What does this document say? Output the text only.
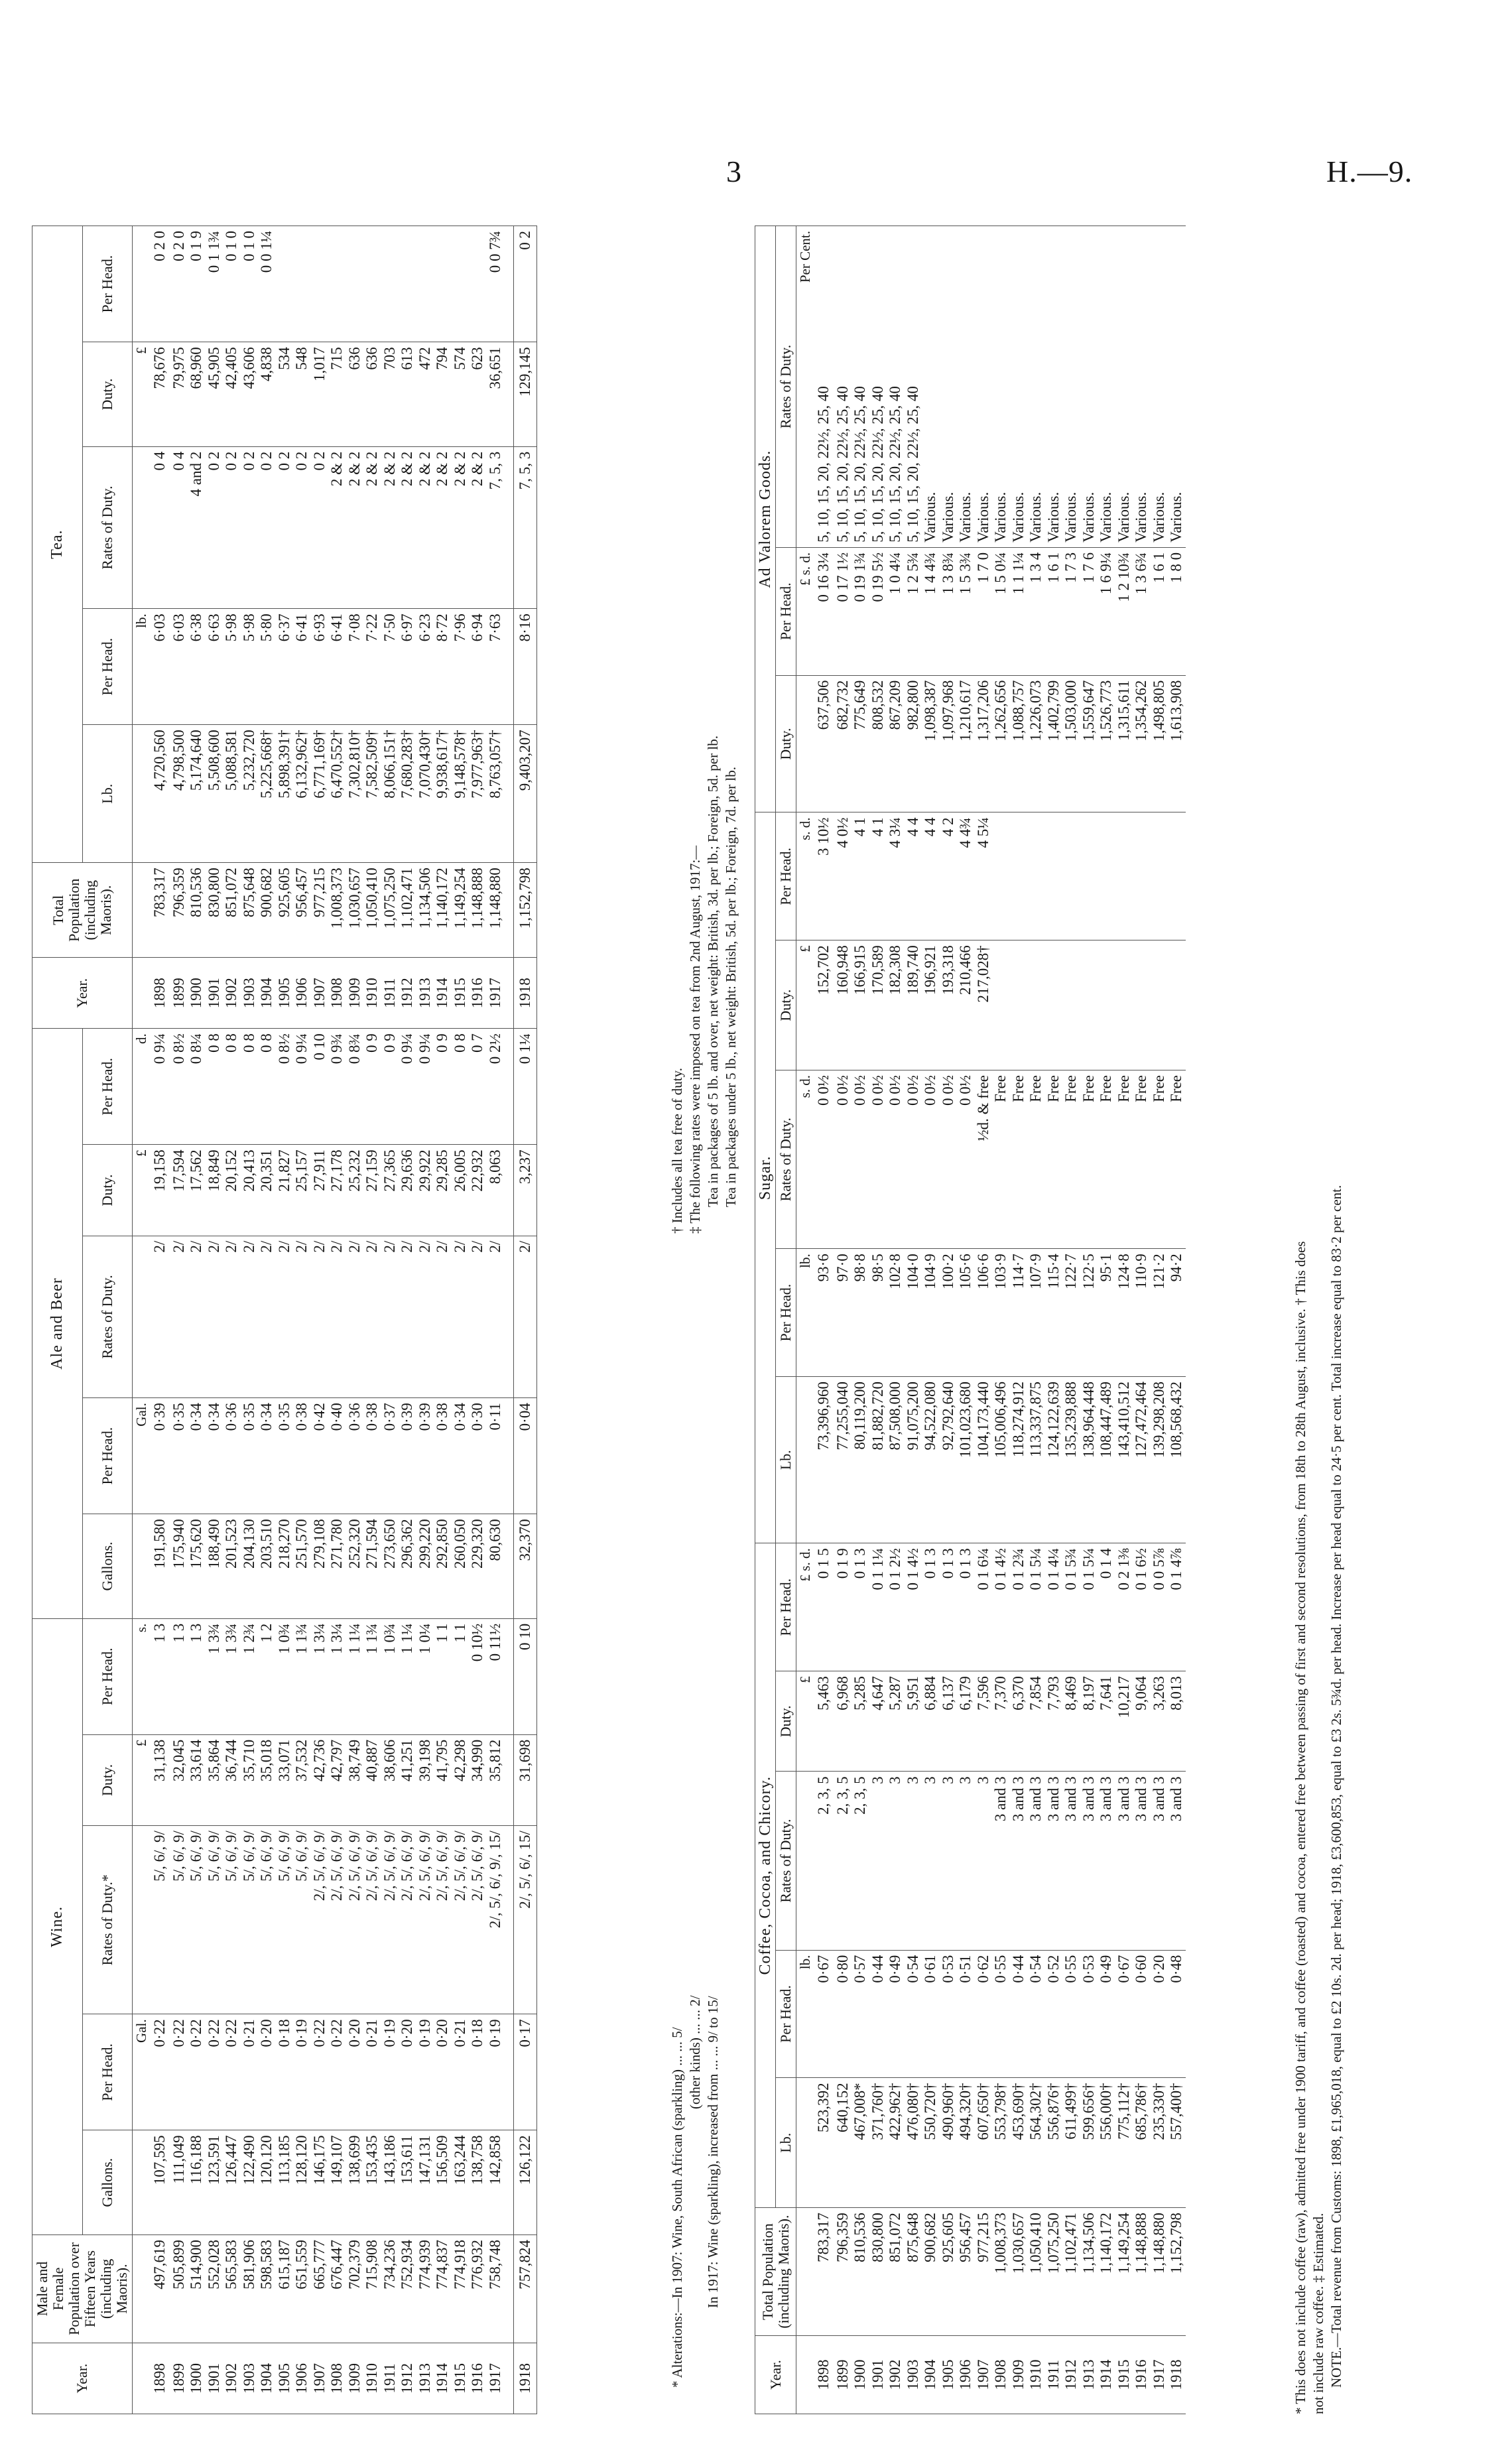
3	H.—9.
Year.	Male and Female Population over Fifteen Years (including Maoris).	Wine.					Ale and Beer					Year.	Total Population (including Maoris).	Tea.				
		Gallons.	Per Head.	Rates of Duty.*	Duty.	Per Head.	Gallons.	Per Head.	Rates of Duty.	Duty.	Per Head.			Lb.	Per Head.	Rates of Duty.	Duty.	Per Head.
			Gal.		£	s.		Gal.		£	d.				lb.		£	
1898	497,619	107,595	0·22	5/, 6/, 9/	31,138	1 3	191,580	0·39	2/	19,158	0 9¼	1898	783,317	4,720,560	6·03	0 4	78,676	0 2 0
1899	505,899	111,049	0·22	5/, 6/, 9/	32,045	1 3	175,940	0·35	2/	17,594	0 8½	1899	796,359	4,798,500	6·03	0 4	79,975	0 2 0
1900	514,900	116,188	0·22	5/, 6/, 9/	33,614	1 3	175,620	0·34	2/	17,562	0 8¼	1900	810,536	5,174,640	6·38	4 and 2	68,960	0 1 9
1901	552,028	123,591	0·22	5/, 6/, 9/	35,864	1 3¾	188,490	0·34	2/	18,849	0 8	1901	830,800	5,508,600	6·63	0 2	45,905	0 1 1¾
1902	565,583	126,447	0·22	5/, 6/, 9/	36,744	1 3¾	201,523	0·36	2/	20,152	0 8	1902	851,072	5,088,581	5·98	0 2	42,405	0 1 0
1903	581,906	122,490	0·21	5/, 6/, 9/	35,710	1 2¾	204,130	0·35	2/	20,413	0 8	1903	875,648	5,232,720	5·98	0 2	43,606	0 1 0
1904	598,583	120,120	0·20	5/, 6/, 9/	35,018	1 2	203,510	0·34	2/	20,351	0 8	1904	900,682	5,225,668†	5·80	0 2	4,838	0 0 1¼
1905	615,187	113,185	0·18	5/, 6/, 9/	33,071	1 0¾	218,270	0·35	2/	21,827	0 8½	1905	925,605	5,898,391†	6·37	0 2	534	
1906	651,559	128,120	0·19	5/, 6/, 9/	37,532	1 1¾	251,570	0·38	2/	25,157	0 9¼	1906	956,457	6,132,962†	6·41	0 2	548	
1907	665,777	146,175	0·22	2/, 5/, 6/, 9/	42,736	1 3¼	279,108	0·42	2/	27,911	0 10	1907	977,215	6,771,169†	6·93	0 2	1,017	
1908	676,447	149,107	0·22	2/, 5/, 6/, 9/	42,797	1 3¼	271,780	0·40	2/	27,178	0 9¾	1908	1,008,373	6,470,552†	6·41	2 & 2	715	
1909	702,379	138,699	0·20	2/, 5/, 6/, 9/	38,749	1 1¼	252,320	0·36	2/	25,232	0 8¾	1909	1,030,657	7,302,810†	7·08	2 & 2	636	
1910	715,908	153,435	0·21	2/, 5/, 6/, 9/	40,887	1 1¾	271,594	0·38	2/	27,159	0 9	1910	1,050,410	7,582,509†	7·22	2 & 2	636	
1911	734,236	143,186	0·19	2/, 5/, 6/, 9/	38,606	1 0¾	273,650	0·37	2/	27,365	0 9	1911	1,075,250	8,066,151†	7·50	2 & 2	703	
1912	752,934	153,611	0·20	2/, 5/, 6/, 9/	41,251	1 1¼	296,362	0·39	2/	29,636	0 9¼	1912	1,102,471	7,680,283†	6·97	2 & 2	613	
1913	774,939	147,131	0·19	2/, 5/, 6/, 9/	39,198	1 0¼	299,220	0·39	2/	29,922	0 9¼	1913	1,134,506	7,070,430†	6·23	2 & 2	472	
1914	774,837	156,509	0·20	2/, 5/, 6/, 9/	41,795	1 1	292,850	0·38	2/	29,285	0 9	1914	1,140,172	9,938,617†	8·72	2 & 2	794	
1915	774,918	163,244	0·21	2/, 5/, 6/, 9/	42,298	1 1	260,050	0·34	2/	26,005	0 8	1915	1,149,254	9,148,578†	7·96	2 & 2	574	
1916	776,932	138,758	0·18	2/, 5/, 6/, 9/	34,990	0 10½	229,320	0·30	2/	22,932	0 7	1916	1,148,888	7,977,963†	6·94	2 & 2	623	
1917	758,748	142,858	0·19	2/, 5/, 6/, 9/, 15/	35,812	0 11½	80,630	0·11	2/	8,063	0 2½	1917	1,148,880	8,763,057†	7·63	7, 5, 3	36,651	0 0 7¾

1918	757,824	126,122	0·17	2/, 5/, 6/, 15/	31,698	0 10	32,370	0·04	2/	3,237	0 1¼	1918	1,152,798	9,403,207	8·16	7, 5, 3	129,145	0 2
* Alterations:—In 1907: Wine, South African (sparkling) ... ... 5/ (other kinds) ... ... 2/ In 1917: Wine (sparkling), increased from ... ... 9/ to 15/
† Includes all tea free of duty. ‡ The following rates were imposed on tea from 2nd August, 1917:— Tea in packages of 5 lb. and over, net weight: British, 3d. per lb.; Foreign, 5d. per lb. Tea in packages under 5 lb., net weight: British, 5d. per lb.; Foreign, 7d. per lb.
Year.	Total Population (including Maoris).	Coffee, Cocoa, and Chicory.					Sugar.					Ad Valorem Goods.		
		Lb.	Per Head.	Rates of Duty.	Duty.	Per Head.	Lb.	Per Head.	Rates of Duty.	Duty.	Per Head.	Duty.	Per Head.	Rates of Duty.
			lb.		£	£ s. d.		lb.	s. d.	£	s. d.		£ s. d.	Per Cent.
1898	783,317	523,392	0·67	2, 3, 5	5,463	0 1 5	73,396,960	93·6	0 0½	152,702	3 10½	637,506	0 16 3¼	5, 10, 15, 20, 22½, 25, 40
1899	796,359	640,152	0·80	2, 3, 5	6,968	0 1 9	77,255,040	97·0	0 0½	160,948	4 0½	682,732	0 17 1½	5, 10, 15, 20, 22½, 25, 40
1900	810,536	467,008*	0·57	2, 3, 5	5,285	0 1 3	80,119,200	98·8	0 0½	166,915	4 1	775,649	0 19 1¾	5, 10, 15, 20, 22½, 25, 40
1901	830,800	371,760†	0·44	3	4,647	0 1 1¼	81,882,720	98·5	0 0½	170,589	4 1	808,532	0 19 5½	5, 10, 15, 20, 22½, 25, 40
1902	851,072	422,962†	0·49	3	5,287	0 1 2½	87,508,000	102·8	0 0½	182,308	4 3¼	867,209	1 0 4¼	5, 10, 15, 20, 22½, 25, 40
1903	875,648	476,080†	0·54	3	5,951	0 1 4½	91,075,200	104·0	0 0½	189,740	4 4	982,800	1 2 5¾	5, 10, 15, 20, 22½, 25, 40
1904	900,682	550,720†	0·61	3	6,884	0 1 3	94,522,080	104·9	0 0½	196,921	4 4	1,098,387	1 4 4¾	Various.
1905	925,605	490,960†	0·53	3	6,137	0 1 3	92,792,640	100·2	0 0½	193,318	4 2	1,097,968	1 3 8¾	Various.
1906	956,457	494,320†	0·51	3	6,179	0 1 3	101,023,680	105·6	0 0½	210,466	4 4¾	1,210,617	1 5 3¾	Various.
1907	977,215	607,650†	0·62	3	7,596	0 1 6¼	104,173,440	106·6	½d. & free	217,028†	4 5¼	1,317,206	1 7 0	Various.
1908	1,008,373	553,798†	0·55	3 and 3	7,370	0 1 4½	105,006,496	103·9	Free			1,262,656	1 5 0¼	Various.
1909	1,030,657	453,690†	0·44	3 and 3	6,370	0 1 2¾	118,274,912	114·7	Free			1,088,757	1 1 1¼	Various.
1910	1,050,410	564,302†	0·54	3 and 3	7,854	0 1 5¼	113,337,875	107·9	Free			1,226,073	1 3 4	Various.
1911	1,075,250	556,876†	0·52	3 and 3	7,793	0 1 4¼	124,122,639	115·4	Free			1,402,799	1 6 1	Various.
1912	1,102,471	611,499†	0·55	3 and 3	8,469	0 1 5¾	135,239,888	122·7	Free			1,503,000	1 7 3	Various.
1913	1,134,506	599,656†	0·53	3 and 3	8,197	0 1 5¼	138,964,448	122·5	Free			1,559,647	1 7 6	Various.
1914	1,140,172	556,000†	0·49	3 and 3	7,641	0 1 4	108,447,489	95·1	Free			1,526,773	1 6 9¼	Various.
1915	1,149,254	775,112†	0·67	3 and 3	10,217	0 2 1⅜	143,410,512	124·8	Free			1,315,611	1 2 10¾	Various.
1916	1,148,888	685,786†	0·60	3 and 3	9,064	0 1 6½	127,472,464	110·9	Free			1,354,262	1 3 6¾	Various.
1917	1,148,880	235,330†	0·20	3 and 3	3,263	0 0 5⅞	139,298,208	121·2	Free			1,498,805	1 6 1	Various.
1918	1,152,798	557,400†	0·48	3 and 3	8,013	0 1 4⅞	108,568,432	94·2	Free			1,613,908	1 8 0	Various.
* This does not include coffee (raw), admitted free under 1900 tariff, and coffee (roasted) and cocoa, entered free between passing of first and second resolutions, from 18th to 28th August, inclusive. † This does not include raw coffee. ‡ Estimated. NOTE.—Total revenue from Customs: 1898, £1,965,018, equal to £2 10s. 2d. per head; 1918, £3,600,853, equal to £3 2s. 5¾d. per head. Increase per head equal to 24·5 per cent. Total increase equal to 83·2 per cent.
